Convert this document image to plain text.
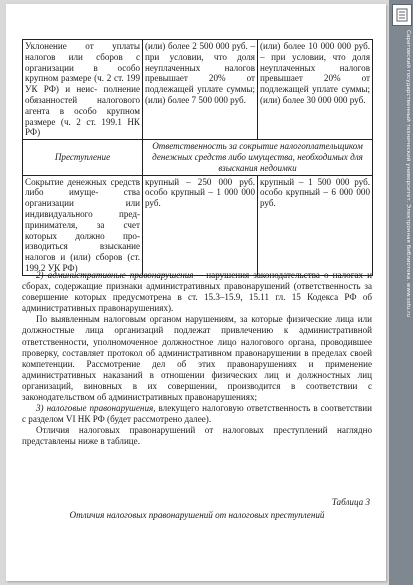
Уклонение от уплаты налогов или сборов с организации в особо крупном размере (ч. 2 ст. 199 УК РФ) и неис- полнение обязанностей налогового агента в особо крупном размере (ч. 2 ст. 199.1 НК РФ)	(или) более 2 500 000 руб. – при условии, что доля неуплаченных налогов превышает 20% от подлежащей уплате суммы; (или) более 7 500 000 руб.	(или) более 10 000 000 руб. – при условии, что доля неуплаченных налогов превышает 20% от подлежащей уплате суммы; (или) более 30 000 000 руб.
Преступление	Ответственность за сокрытие налогоплательщиком денежных средств либо имущества, необходимых для взыскания недоимки	
Сокрытие денежных средств либо имуще- ства организации или индивидуального пред- принимателя, за счет которых должно про- изводиться взыскание налогов и (или) сборов (ст. 199.2 УК РФ)	крупный – 250 000 руб. особо крупный – 1 000 000 руб.	крупный – 1 500 000 руб. особо крупный – 6 000 000 руб.

2) административные правонарушения – нарушения законодательства о налогах и сборах, содержащие признаки административных правонарушений (ответственность за совершение которых предусмотрена в ст. 15.3–15.9, 15.11 гл. 15 Кодекса РФ об административных правонарушениях).

По выявленным налоговым органом нарушениям, за которые физические лица или должностные лица организаций подлежат привлечению к административной ответственности, уполномоченное должностное лицо налогового органа, проводившее проверку, составляет протокол об административном правонарушении в пределах своей компетенции. Рассмотрение дел об этих правонарушениях и применение административных наказаний в отношении физических лиц и должностных лиц организаций, виновных в их совершении, производится в соответствии с законодательством об административных правонарушениях;

3) налоговые правонарушения, влекущего налоговую ответственность в соответствии с разделом VI НК РФ (будет рассмотрено далее).

Отличия налоговых правонарушений от налоговых преступлений наглядно представлены ниже в таблице.

Таблица 3
Отличия налоговых правонарушений от налоговых преступлений
Саратовский государственный технический университет. Электронная библиотека. www.sstu.ru
